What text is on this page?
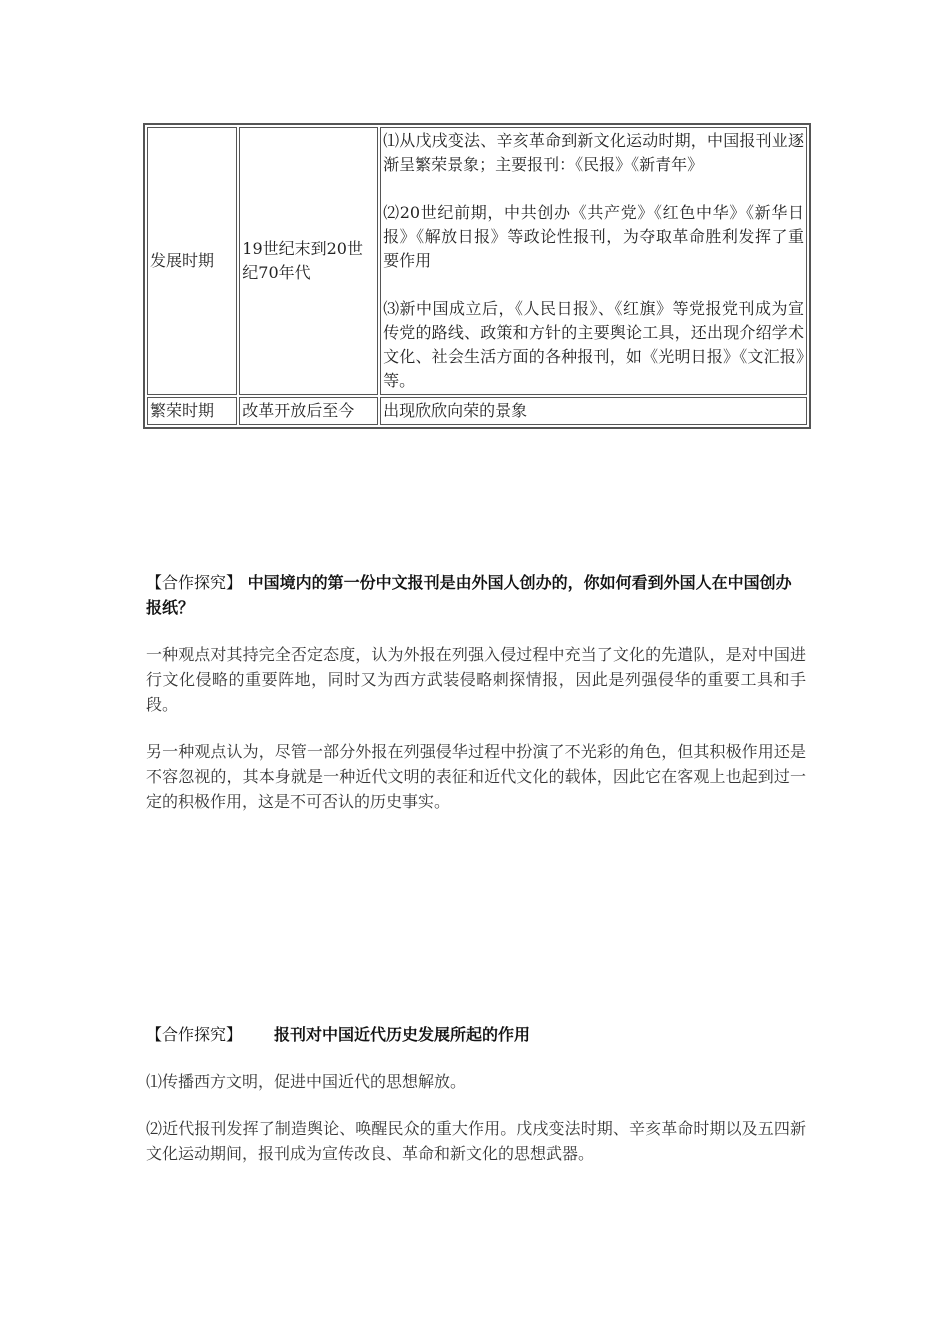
发展时期	19世纪末到20世纪70年代	⑴从戊戌变法、辛亥革命到新文化运动时期，中国报刊业逐渐呈繁荣景象；主要报刊：《民报》《新青年》

⑵20世纪前期，中共创办《共产党》《红色中华》《新华日报》《解放日报》等政论性报刊，为夺取革命胜利发挥了重要作用

⑶新中国成立后，《人民日报》、《红旗》等党报党刊成为宣传党的路线、政策和方针的主要舆论工具，还出现介绍学术文化、社会生活方面的各种报刊，如《光明日报》《文汇报》等。

繁荣时期	改革开放后至今	出现欣欣向荣的景象

【合作探究】 中国境内的第一份中文报刊是由外国人创办的，你如何看到外国人在中国创办报纸？

一种观点对其持完全否定态度，认为外报在列强入侵过程中充当了文化的先遣队，是对中国进行文化侵略的重要阵地，同时又为西方武装侵略刺探情报，因此是列强侵华的重要工具和手段。

另一种观点认为，尽管一部分外报在列强侵华过程中扮演了不光彩的角色，但其积极作用还是不容忽视的，其本身就是一种近代文明的表征和近代文化的载体，因此它在客观上也起到过一定的积极作用，这是不可否认的历史事实。

【合作探究】 报刊对中国近代历史发展所起的作用

⑴传播西方文明，促进中国近代的思想解放。

⑵近代报刊发挥了制造舆论、唤醒民众的重大作用。戊戌变法时期、辛亥革命时期以及五四新文化运动期间，报刊成为宣传改良、革命和新文化的思想武器。
